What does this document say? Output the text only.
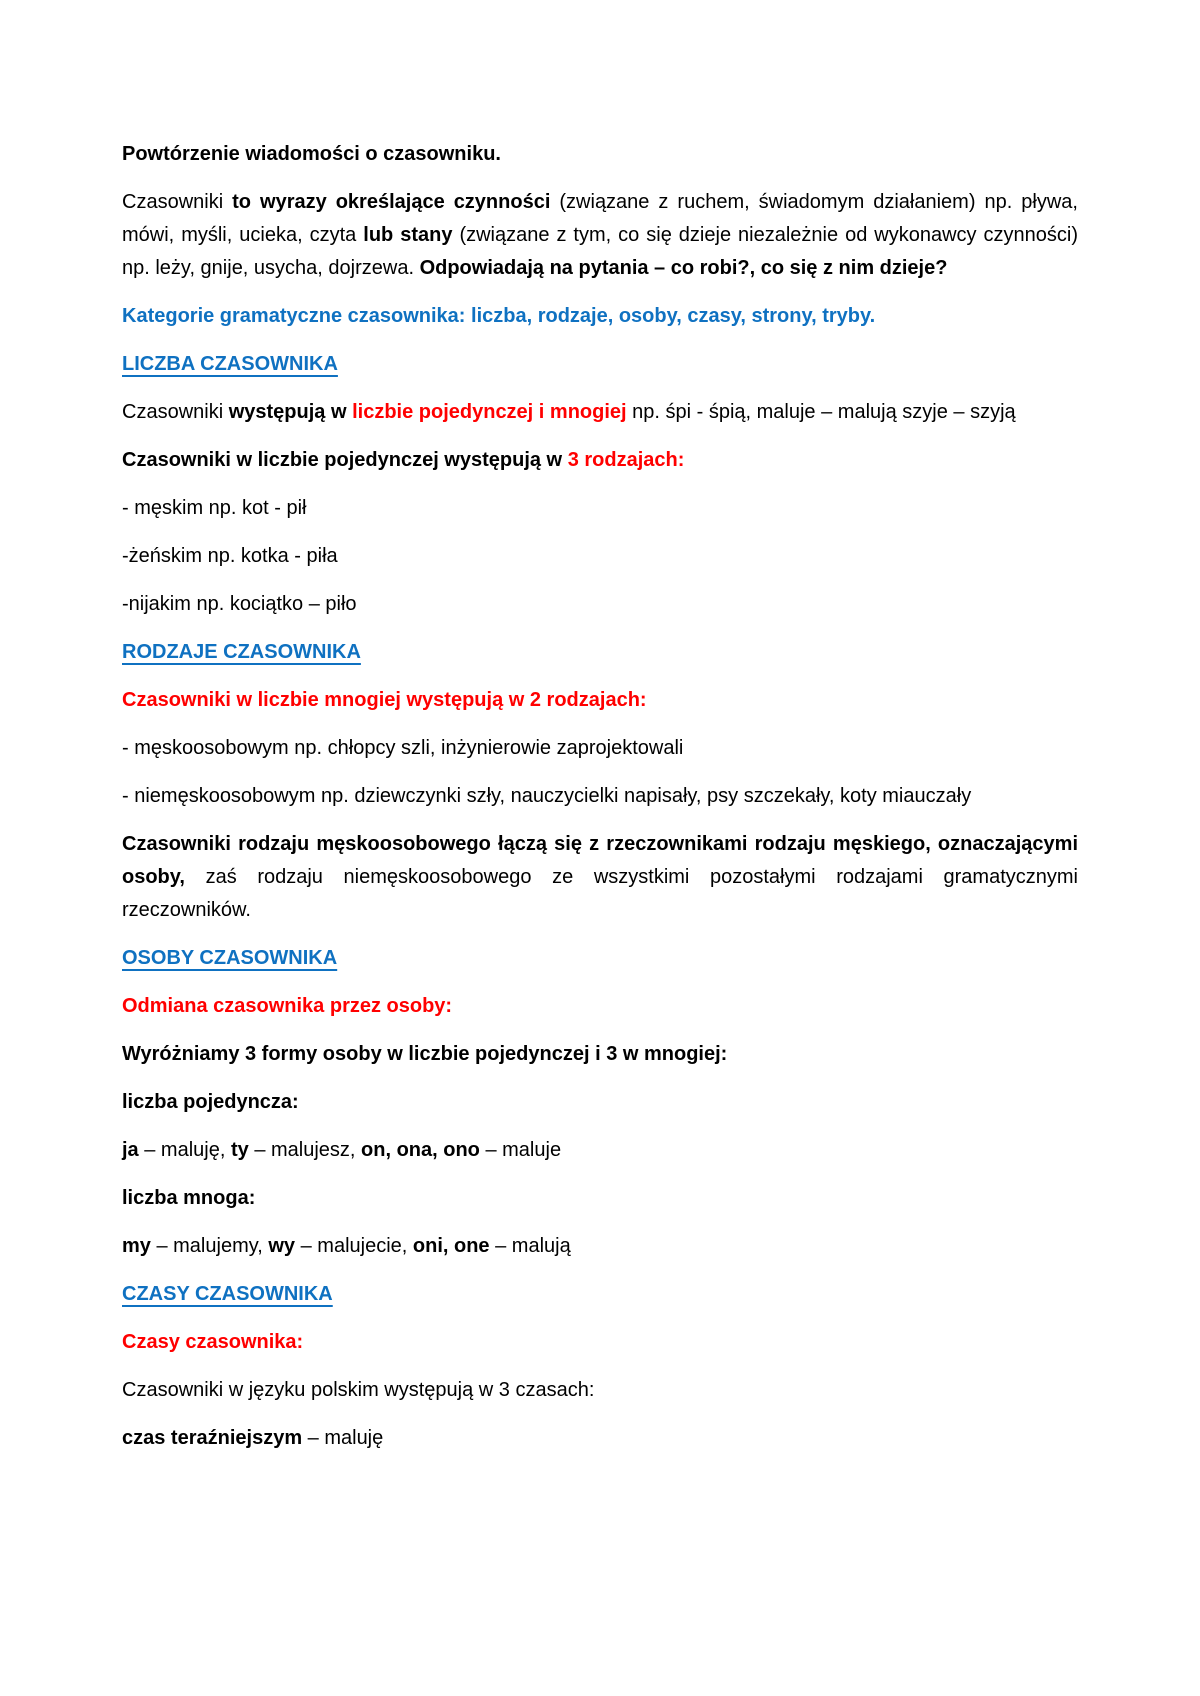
Powtórzenie wiadomości o czasowniku.

Czasowniki to wyrazy określające czynności (związane z ruchem, świadomym działaniem) np. pływa, mówi, myśli, ucieka, czyta lub stany (związane z tym, co się dzieje niezależnie od wykonawcy czynności) np. leży, gnije, usycha, dojrzewa. Odpowiadają na pytania – co robi?, co się z nim dzieje?

Kategorie gramatyczne czasownika: liczba, rodzaje, osoby, czasy, strony, tryby.

LICZBA CZASOWNIKA

Czasowniki występują w liczbie pojedynczej i mnogiej np. śpi - śpią, maluje – malują szyje – szyją

Czasowniki w liczbie pojedynczej występują w 3 rodzajach:

- męskim np. kot - pił

-żeńskim np. kotka - piła

-nijakim np. kociątko – piło

RODZAJE CZASOWNIKA

Czasowniki w liczbie mnogiej występują w 2 rodzajach:

- męskoosobowym np. chłopcy szli, inżynierowie zaprojektowali

- niemęskoosobowym np. dziewczynki szły, nauczycielki napisały, psy szczekały, koty miauczały

Czasowniki rodzaju męskoosobowego łączą się z rzeczownikami rodzaju męskiego, oznaczającymi osoby, zaś rodzaju niemęskoosobowego ze wszystkimi pozostałymi rodzajami gramatycznymi rzeczowników.

OSOBY CZASOWNIKA

Odmiana czasownika przez osoby:

Wyróżniamy 3 formy osoby w liczbie pojedynczej i 3 w mnogiej:

liczba pojedyncza:

ja – maluję, ty – malujesz, on, ona, ono – maluje

liczba mnoga:

my – malujemy, wy – malujecie, oni, one – malują

CZASY CZASOWNIKA

Czasy czasownika:

Czasowniki w języku polskim występują w 3 czasach:

czas teraźniejszym – maluję
